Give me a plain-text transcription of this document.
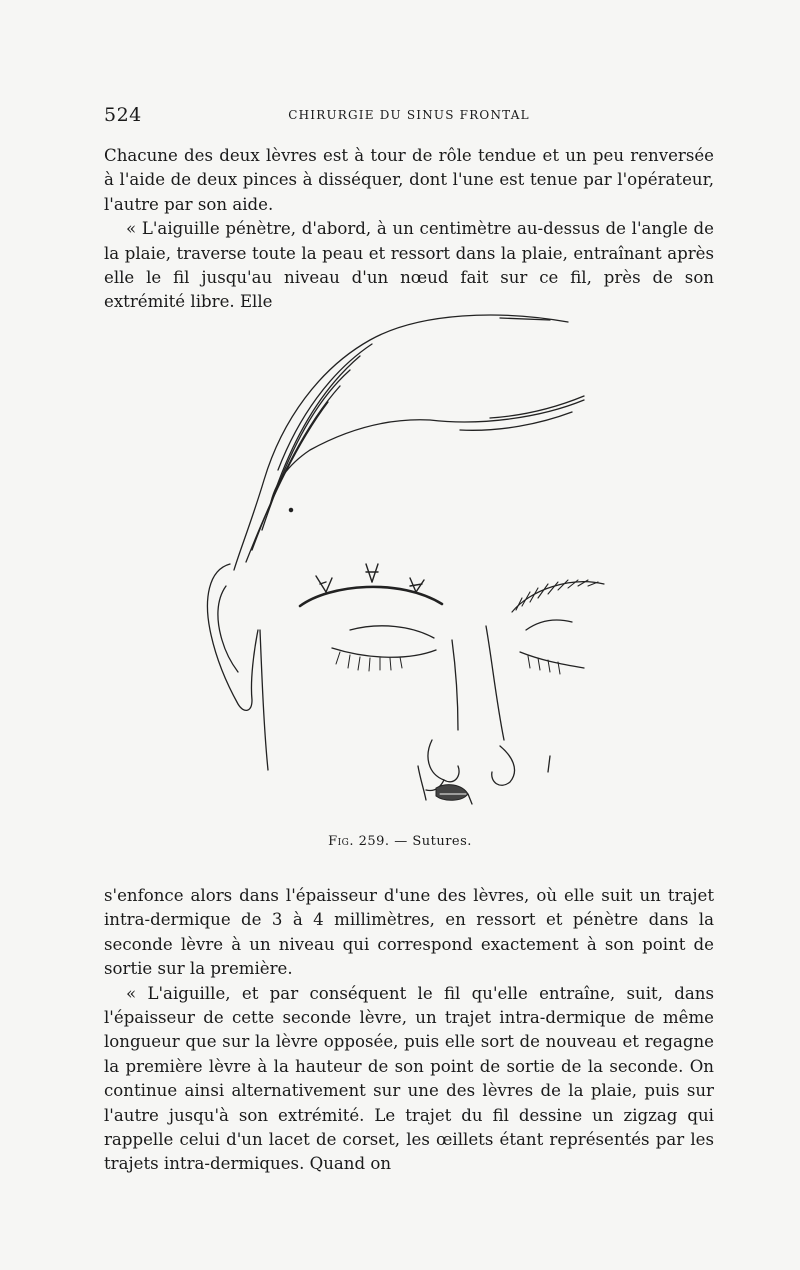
524	CHIRURGIE DU SINUS FRONTAL

Chacune des deux lèvres est à tour de rôle tendue et un peu renversée à l'aide de deux pinces à disséquer, dont l'une est tenue par l'opérateur, l'autre par son aide.

« L'aiguille pénètre, d'abord, à un centimètre au-dessus de l'angle de la plaie, traverse toute la peau et ressort dans la plaie, entraînant après elle le fil jusqu'au niveau d'un nœud fait sur ce fil, près de son extrémité libre. Elle

Fig. 259. — Sutures.

s'enfonce alors dans l'épaisseur d'une des lèvres, où elle suit un trajet intra-dermique de 3 à 4 millimètres, en ressort et pénètre dans la seconde lèvre à un niveau qui correspond exactement à son point de sortie sur la première.

« L'aiguille, et par conséquent le fil qu'elle entraîne, suit, dans l'épaisseur de cette seconde lèvre, un trajet intra-dermique de même longueur que sur la lèvre opposée, puis elle sort de nouveau et regagne la première lèvre à la hauteur de son point de sortie de la seconde. On continue ainsi alternativement sur une des lèvres de la plaie, puis sur l'autre jusqu'à son extrémité. Le trajet du fil dessine un zigzag qui rappelle celui d'un lacet de corset, les œillets étant représentés par les trajets intra-dermiques. Quand on
